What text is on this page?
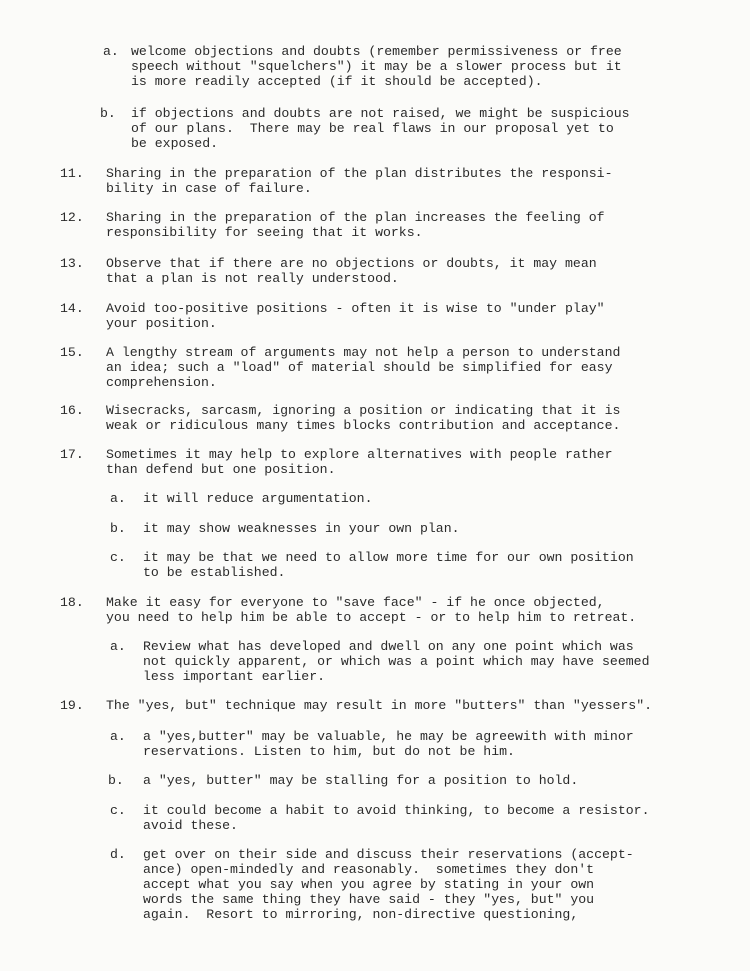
a.

welcome objections and doubts (remember permissiveness or free

speech without "squelchers") it may be a slower process but it

is more readily accepted (if it should be accepted).

b.

if objections and doubts are not raised, we might be suspicious

of our plans.  There may be real flaws in our proposal yet to

be exposed.

11.

Sharing in the preparation of the plan distributes the responsi-

bility in case of failure.

12.

Sharing in the preparation of the plan increases the feeling of

responsibility for seeing that it works.

13.

Observe that if there are no objections or doubts, it may mean

that a plan is not really understood.

14.

Avoid too-positive positions - often it is wise to "under play"

your position.

15.

A lengthy stream of arguments may not help a person to understand

an idea; such a "load" of material should be simplified for easy

comprehension.

16.

Wisecracks, sarcasm, ignoring a position or indicating that it is

weak or ridiculous many times blocks contribution and acceptance.

17.

Sometimes it may help to explore alternatives with people rather

than defend but one position.

a.

it will reduce argumentation.

b.

it may show weaknesses in your own plan.

c.

it may be that we need to allow more time for our own position

to be established.

18.

Make it easy for everyone to "save face" - if he once objected,

you need to help him be able to accept - or to help him to retreat.

a.

Review what has developed and dwell on any one point which was

not quickly apparent, or which was a point which may have seemed

less important earlier.

19.

The "yes, but" technique may result in more "butters" than "yessers".

a.

a "yes,butter" may be valuable, he may be agreewith with minor

reservations. Listen to him, but do not be him.

b.

a "yes, butter" may be stalling for a position to hold.

c.

it could become a habit to avoid thinking, to become a resistor.

avoid these.

d.

get over on their side and discuss their reservations (accept-

ance) open-mindedly and reasonably.  sometimes they don't

accept what you say when you agree by stating in your own

words the same thing they have said - they "yes, but" you

again.  Resort to mirroring, non-directive questioning,
